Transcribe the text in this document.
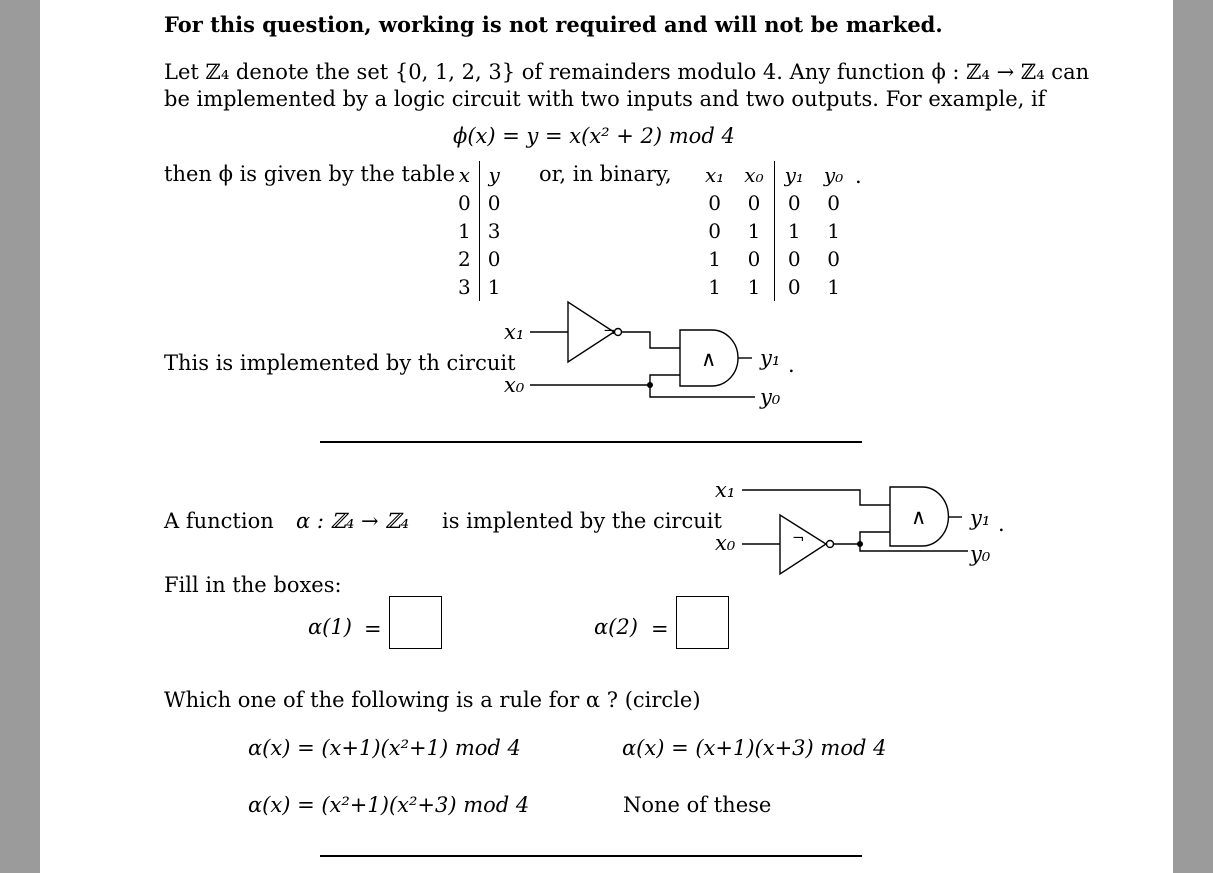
For this question, working is not required and will not be marked.
Let ℤ₄ denote the set {0, 1, 2, 3} of remainders modulo 4. Any function ϕ : ℤ₄ → ℤ₄ can
be implemented by a logic circuit with two inputs and two outputs. For example, if
ϕ(x) = y = x(x² + 2) mod 4
then ϕ is given by the table x	y
0	0
1	3
2	0
3	1
or, in binary, x₁	x₀	y₁	y₀
0	0	0	0
0	1	1	1
1	0	0	0
1	1	0	1
.
This is implemented by th circuit
x₁
x₀
¬
∧ y₁ .
y₀
A function α : ℤ₄ → ℤ₄ is implented by the circuit
x₁
x₀	¬
∧ y₁ .
y₀
Fill in the boxes:
α(1) =	α(2) =
Which one of the following is a rule for α ? (circle)
α(x) = (x+1)(x²+1) mod 4	α(x) = (x+1)(x+3) mod 4
α(x) = (x²+1)(x²+3) mod 4	None of these
